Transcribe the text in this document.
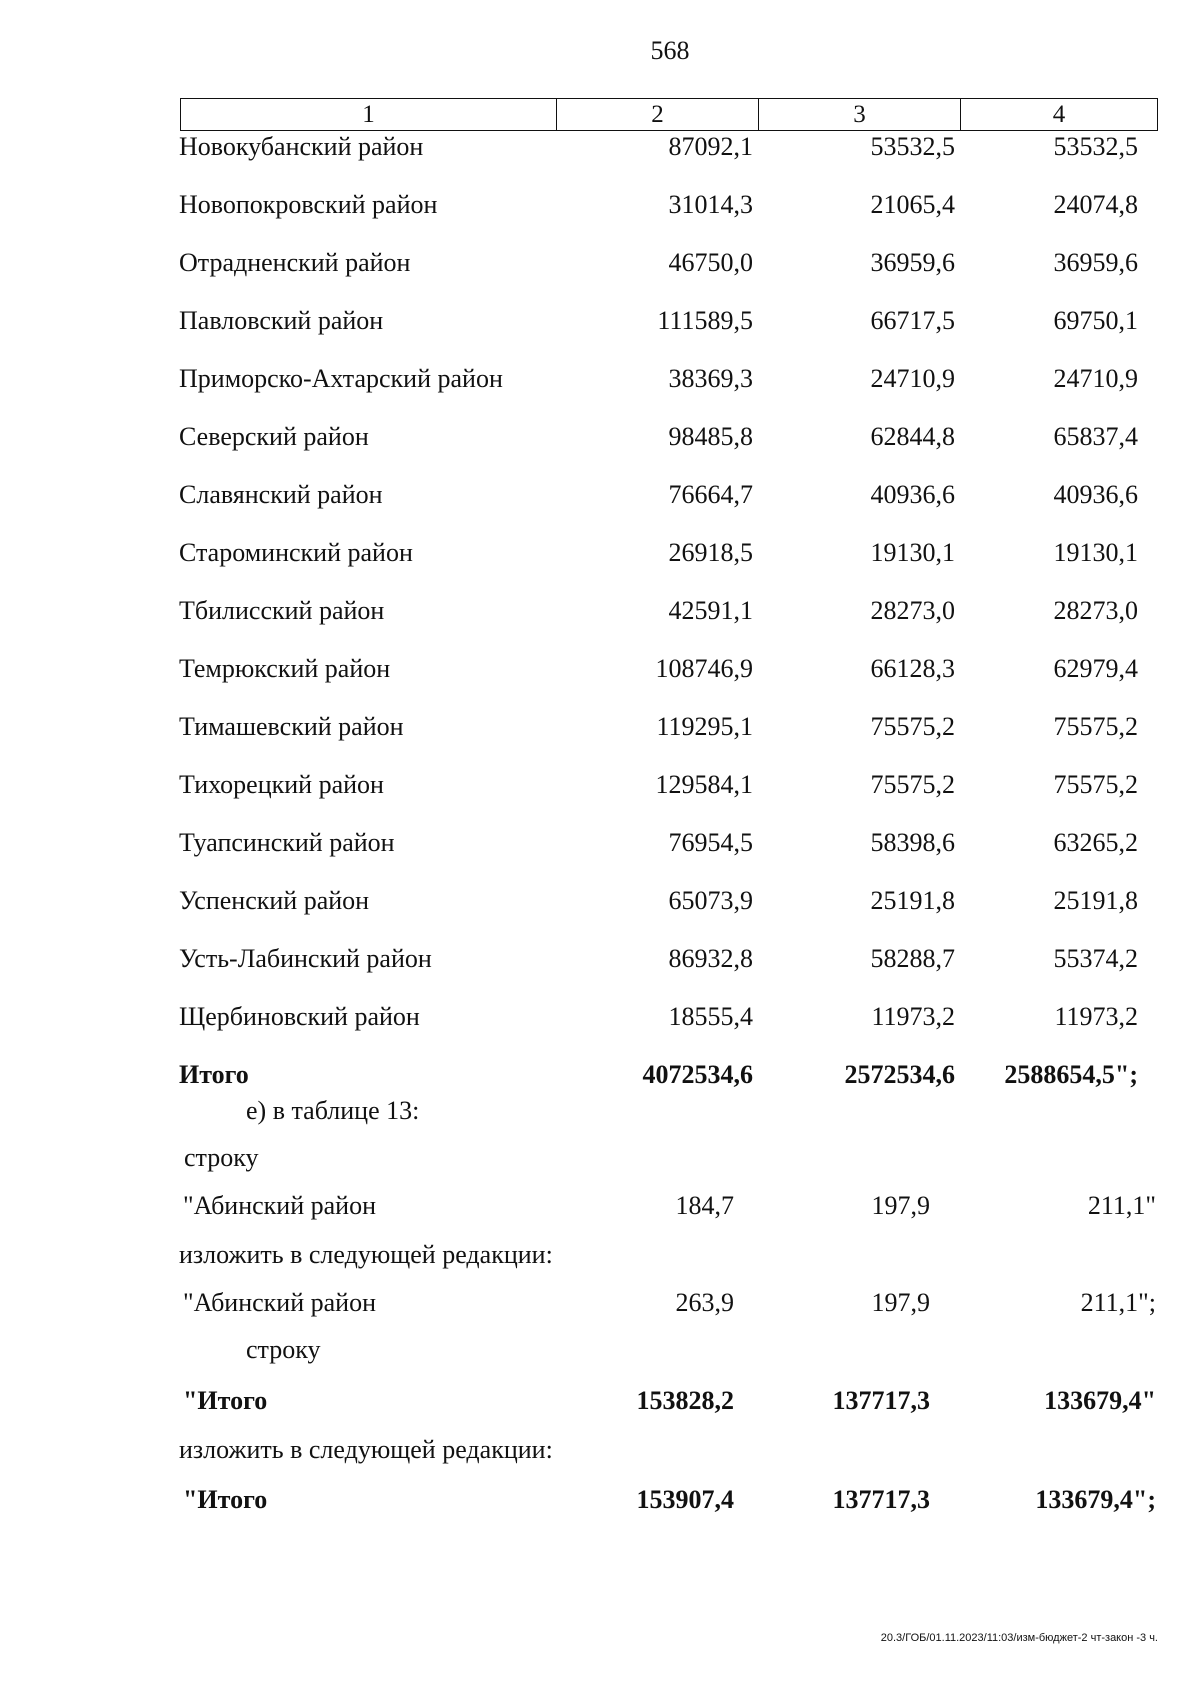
568
1	2	3	4
Новокубанский район	87092,1	53532,5	53532,5
Новопокровский район	31014,3	21065,4	24074,8
Отрадненский район	46750,0	36959,6	36959,6
Павловский район	111589,5	66717,5	69750,1
Приморско-Ахтарский район	38369,3	24710,9	24710,9
Северский район	98485,8	62844,8	65837,4
Славянский район	76664,7	40936,6	40936,6
Староминский район	26918,5	19130,1	19130,1
Тбилисский район	42591,1	28273,0	28273,0
Темрюкский район	108746,9	66128,3	62979,4
Тимашевский район	119295,1	75575,2	75575,2
Тихорецкий район	129584,1	75575,2	75575,2
Туапсинский район	76954,5	58398,6	63265,2
Успенский район	65073,9	25191,8	25191,8
Усть-Лабинский район	86932,8	58288,7	55374,2
Щербиновский район	18555,4	11973,2	11973,2
Итого	4072534,6	2572534,6 2588654,5";
е) в таблице 13:
строку
"Абинский район	184,7	197,9	211,1"
изложить в следующей редакции:
"Абинский район	263,9	197,9	211,1";
строку
"Итого	153828,2	137717,3	133679,4"
изложить в следующей редакции:
"Итого	153907,4	137717,3	133679,4";
20.3/ГОБ/01.11.2023/11:03/изм-бюджет-2 чт-закон -3 ч.
